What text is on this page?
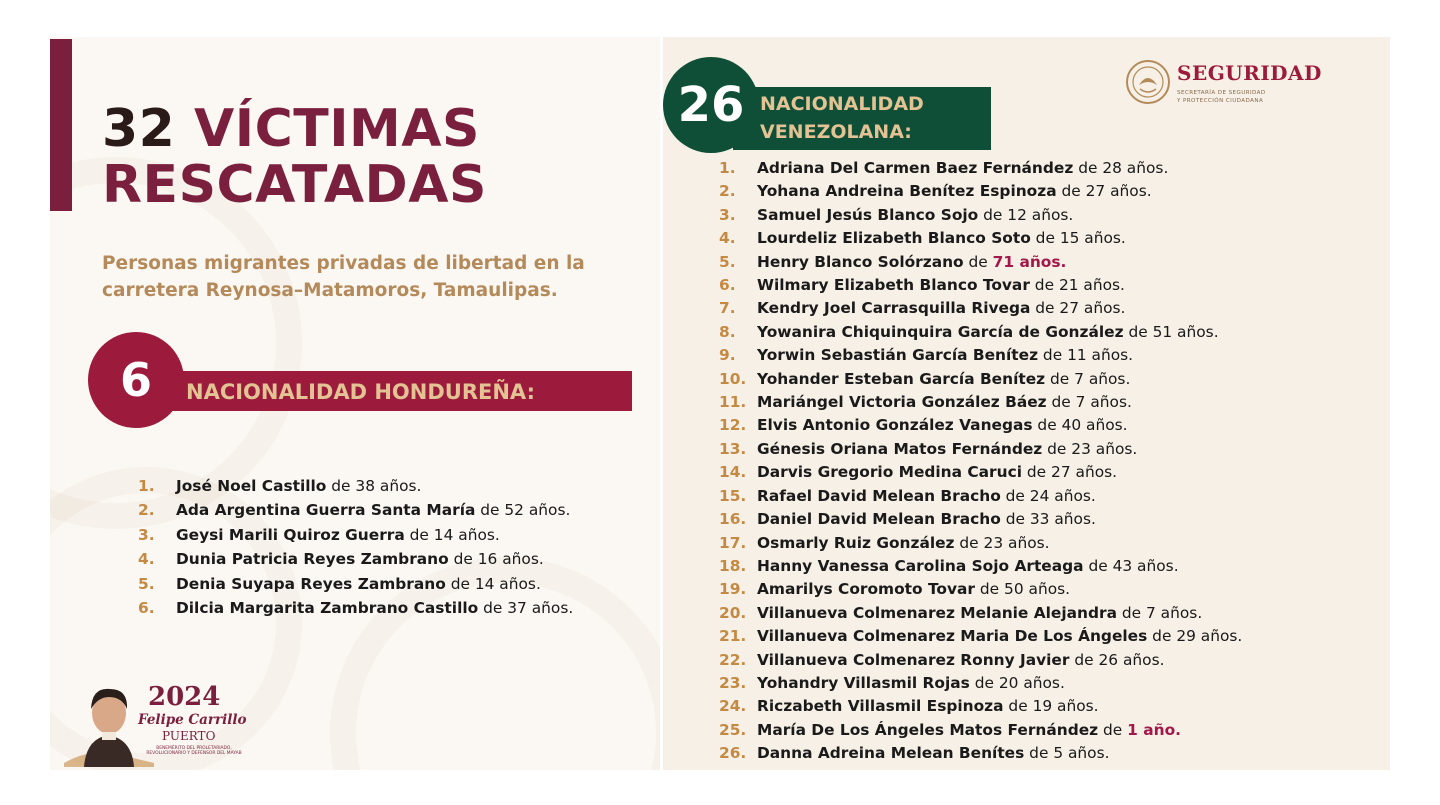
32 VÍCTIMAS
RESCATADAS

Personas migrantes privadas de libertad en la carretera Reynosa–Matamoros, Tamaulipas.

6	NACIONALIDAD HONDUREÑA:
1. José Noel Castillo de 38 años.
2. Ada Argentina Guerra Santa María de 52 años.
3. Geysi Marili Quiroz Guerra de 14 años.
4. Dunia Patricia Reyes Zambrano de 16 años.
5. Denia Suyapa Reyes Zambrano de 14 años.
6. Dilcia Margarita Zambrano Castillo de 37 años.
2024
Felipe Carrillo
PUERTO
BENEMÉRITO DEL PROLETARIADO, REVOLUCIONARIO Y DEFENSOR DEL MAYAB
26 NACIONALIDAD
VENEZOLANA:
SEGURIDAD
SECRETARÍA DE SEGURIDAD
Y PROTECCIÓN CIUDADANA
1. Adriana Del Carmen Baez Fernández de 28 años.
2. Yohana Andreina Benítez Espinoza de 27 años.
3. Samuel Jesús Blanco Sojo de 12 años.
4. Lourdeliz Elizabeth Blanco Soto de 15 años.
5. Henry Blanco Solórzano de 71 años.
6. Wilmary Elizabeth Blanco Tovar de 21 años.
7. Kendry Joel Carrasquilla Rivega de 27 años.
8. Yowanira Chiquinquira García de González de 51 años.
9. Yorwin Sebastián García Benítez de 11 años.
10. Yohander Esteban García Benítez de 7 años.
11. Mariángel Victoria González Báez de 7 años.
12. Elvis Antonio González Vanegas de 40 años.
13. Génesis Oriana Matos Fernández de 23 años.
14. Darvis Gregorio Medina Caruci de 27 años.
15. Rafael David Melean Bracho de 24 años.
16. Daniel David Melean Bracho de 33 años.
17. Osmarly Ruiz González de 23 años.
18. Hanny Vanessa Carolina Sojo Arteaga de 43 años.
19. Amarilys Coromoto Tovar de 50 años.
20. Villanueva Colmenarez Melanie Alejandra de 7 años.
21. Villanueva Colmenarez Maria De Los Ángeles de 29 años.
22. Villanueva Colmenarez Ronny Javier de 26 años.
23. Yohandry Villasmil Rojas de 20 años.
24. Riczabeth Villasmil Espinoza de 19 años.
25. María De Los Ángeles Matos Fernández de 1 año.
26. Danna Adreina Melean Benítes de 5 años.
